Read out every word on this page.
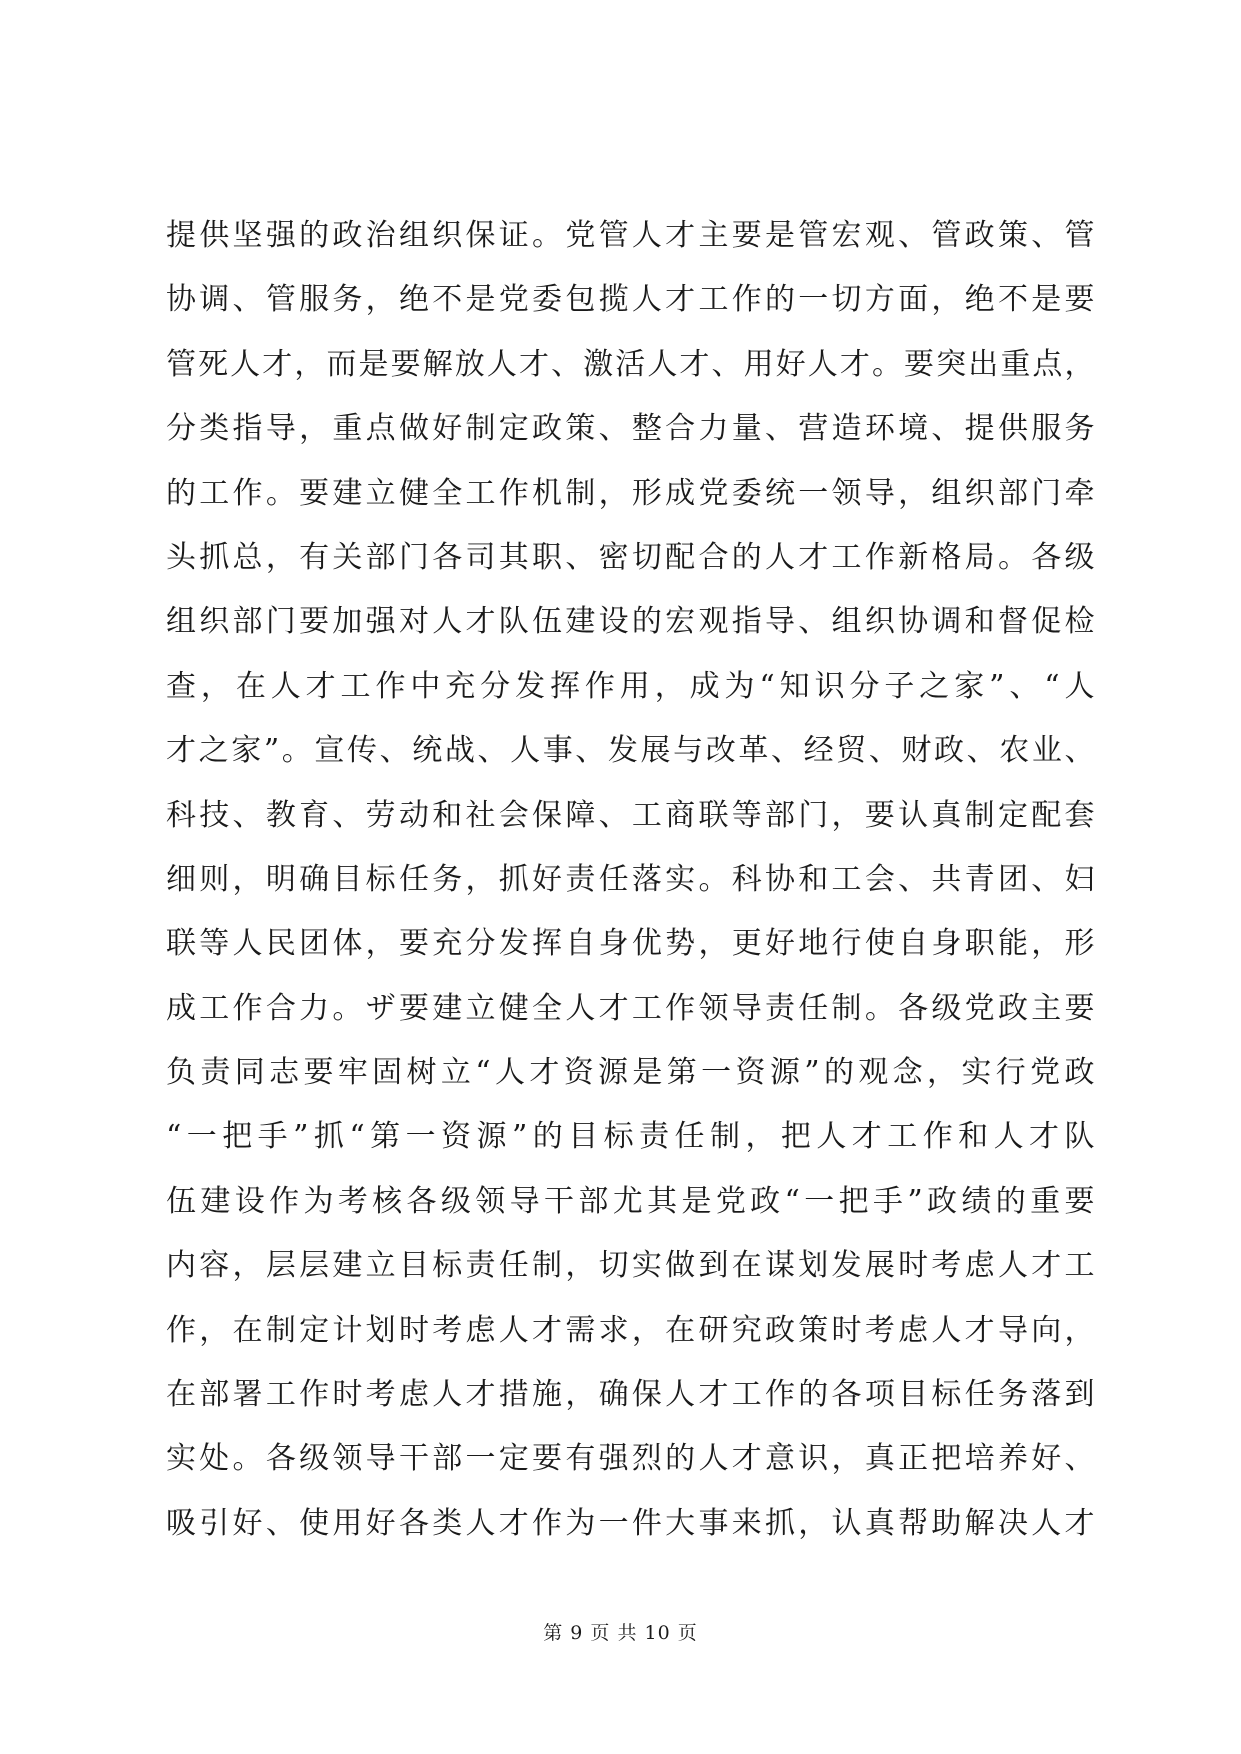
提供坚强的政治组织保证。党管人才主要是管宏观、管政策、管
协调、管服务，绝不是党委包揽人才工作的一切方面，绝不是要
管死人才，而是要解放人才、激活人才、用好人才。要突出重点，
分类指导，重点做好制定政策、整合力量、营造环境、提供服务
的工作。要建立健全工作机制，形成党委统一领导，组织部门牵
头抓总，有关部门各司其职、密切配合的人才工作新格局。各级
组织部门要加强对人才队伍建设的宏观指导、组织协调和督促检
查，在人才工作中充分发挥作用，成为“知识分子之家”、“人
才之家”。宣传、统战、人事、发展与改革、经贸、财政、农业、
科技、教育、劳动和社会保障、工商联等部门，要认真制定配套
细则，明确目标任务，抓好责任落实。科协和工会、共青团、妇
联等人民团体，要充分发挥自身优势，更好地行使自身职能，形
成工作合力。ザ要建立健全人才工作领导责任制。各级党政主要
负责同志要牢固树立“人才资源是第一资源”的观念，实行党政
“一把手”抓“第一资源”的目标责任制，把人才工作和人才队
伍建设作为考核各级领导干部尤其是党政“一把手”政绩的重要
内容，层层建立目标责任制，切实做到在谋划发展时考虑人才工
作，在制定计划时考虑人才需求，在研究政策时考虑人才导向，
在部署工作时考虑人才措施，确保人才工作的各项目标任务落到
实处。各级领导干部一定要有强烈的人才意识，真正把培养好、
吸引好、使用好各类人才作为一件大事来抓，认真帮助解决人才
第 9 页 共 10 页
